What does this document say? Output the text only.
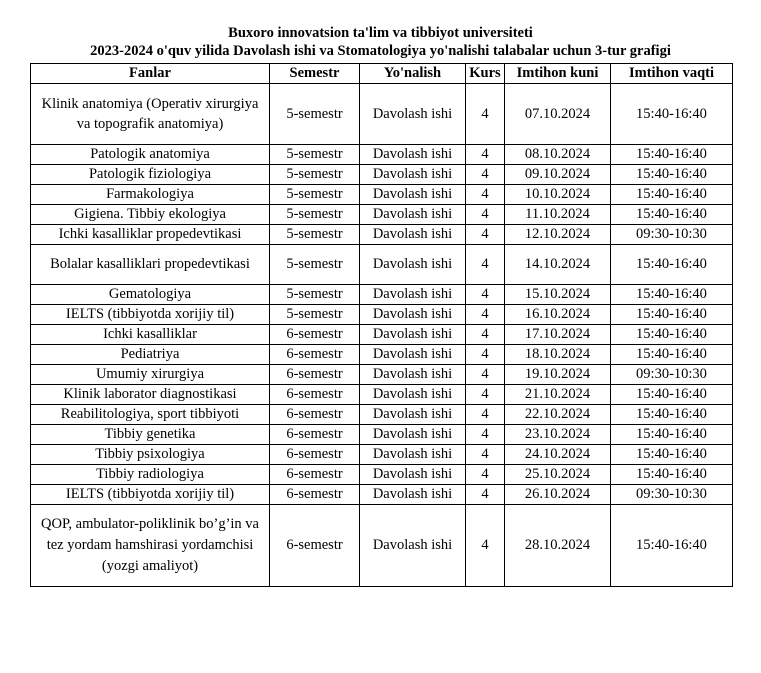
Buxoro innovatsion ta'lim va tibbiyot universiteti
2023-2024 o'quv yilida Davolash ishi va Stomatologiya yo'nalishi talabalar uchun 3-tur grafigi
Fanlar	Semestr	Yo'nalish	Kurs	Imtihon kuni	Imtihon vaqti
Klinik anatomiya (Operativ xirurgiya va topografik anatomiya)	5-semestr	Davolash ishi	4	07.10.2024	15:40-16:40
Patologik anatomiya	5-semestr	Davolash ishi	4	08.10.2024	15:40-16:40
Patologik fiziologiya	5-semestr	Davolash ishi	4	09.10.2024	15:40-16:40
Farmakologiya	5-semestr	Davolash ishi	4	10.10.2024	15:40-16:40
Gigiena. Tibbiy ekologiya	5-semestr	Davolash ishi	4	11.10.2024	15:40-16:40
Ichki kasalliklar propedevtikasi	5-semestr	Davolash ishi	4	12.10.2024	09:30-10:30
Bolalar kasalliklari propedevtikasi	5-semestr	Davolash ishi	4	14.10.2024	15:40-16:40
Gematologiya	5-semestr	Davolash ishi	4	15.10.2024	15:40-16:40
IELTS (tibbiyotda xorijiy til)	5-semestr	Davolash ishi	4	16.10.2024	15:40-16:40
Ichki kasalliklar	6-semestr	Davolash ishi	4	17.10.2024	15:40-16:40
Pediatriya	6-semestr	Davolash ishi	4	18.10.2024	15:40-16:40
Umumiy xirurgiya	6-semestr	Davolash ishi	4	19.10.2024	09:30-10:30
Klinik laborator diagnostikasi	6-semestr	Davolash ishi	4	21.10.2024	15:40-16:40
Reabilitologiya, sport tibbiyoti	6-semestr	Davolash ishi	4	22.10.2024	15:40-16:40
Tibbiy genetika	6-semestr	Davolash ishi	4	23.10.2024	15:40-16:40
Tibbiy psixologiya	6-semestr	Davolash ishi	4	24.10.2024	15:40-16:40
Tibbiy radiologiya	6-semestr	Davolash ishi	4	25.10.2024	15:40-16:40
IELTS (tibbiyotda xorijiy til)	6-semestr	Davolash ishi	4	26.10.2024	09:30-10:30
QOP, ambulator-poliklinik bo’g’in va tez yordam hamshirasi yordamchisi (yozgi amaliyot)	6-semestr	Davolash ishi	4	28.10.2024	15:40-16:40
